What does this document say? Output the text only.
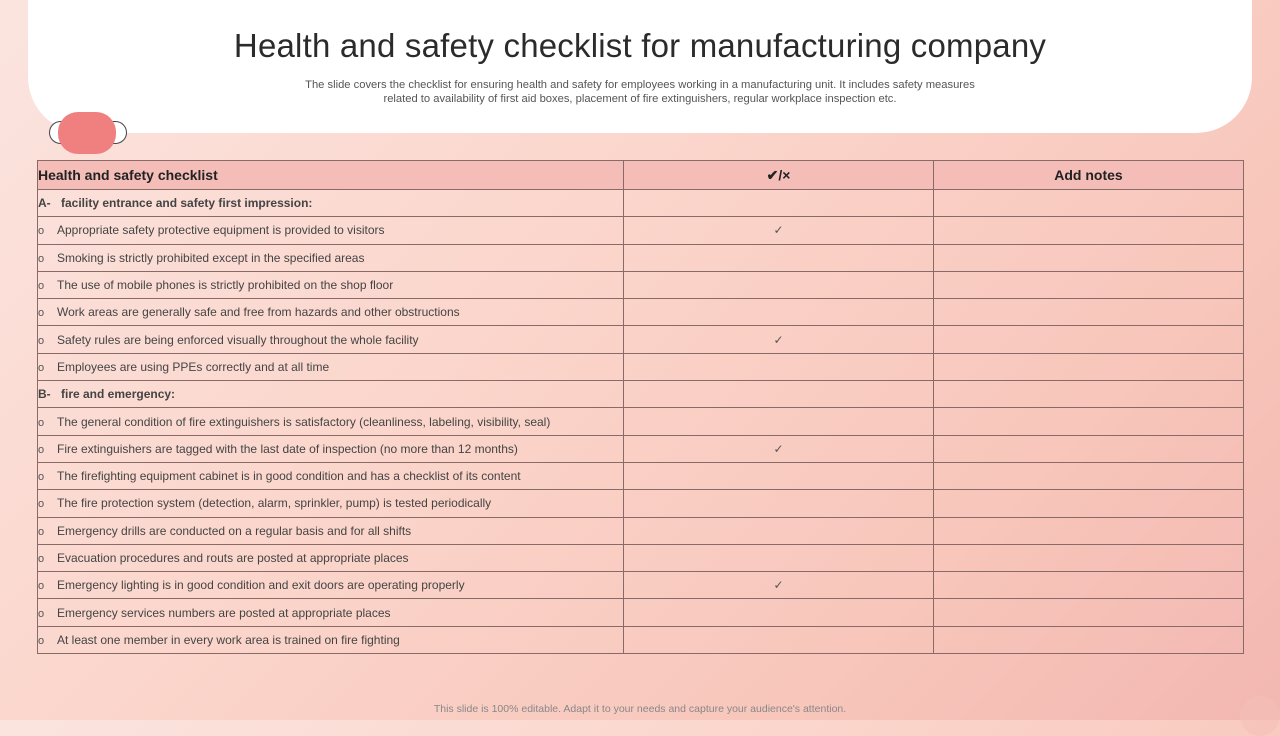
Health and safety checklist for manufacturing company

The slide covers the checklist for ensuring health and safety for employees working in a manufacturing unit. It includes safety measures related to availability of first aid boxes, placement of fire extinguishers, regular workplace inspection etc.

Health and safety checklist	✔/×	Add notes
A- facility entrance and safety first impression:		
o Appropriate safety protective equipment is provided to visitors	✓	
o Smoking is strictly prohibited except in the specified areas		
o The use of mobile phones is strictly prohibited on the shop floor		
o Work areas are generally safe and free from hazards and other obstructions		
o Safety rules are being enforced visually throughout the whole facility	✓	
o Employees are using PPEs correctly and at all time		
B- fire and emergency:		
o The general condition of fire extinguishers is satisfactory (cleanliness, labeling, visibility, seal)		
o Fire extinguishers are tagged with the last date of inspection (no more than 12 months)	✓	
o The firefighting equipment cabinet is in good condition and has a checklist of its content		
o The fire protection system (detection, alarm, sprinkler, pump) is tested periodically		
o Emergency drills are conducted on a regular basis and for all shifts		
o Evacuation procedures and routs are posted at appropriate places		
o Emergency lighting is in good condition and exit doors are operating properly	✓	
o Emergency services numbers are posted at appropriate places		
o At least one member in every work area is trained on fire fighting		

This slide is 100% editable. Adapt it to your needs and capture your audience's attention.
